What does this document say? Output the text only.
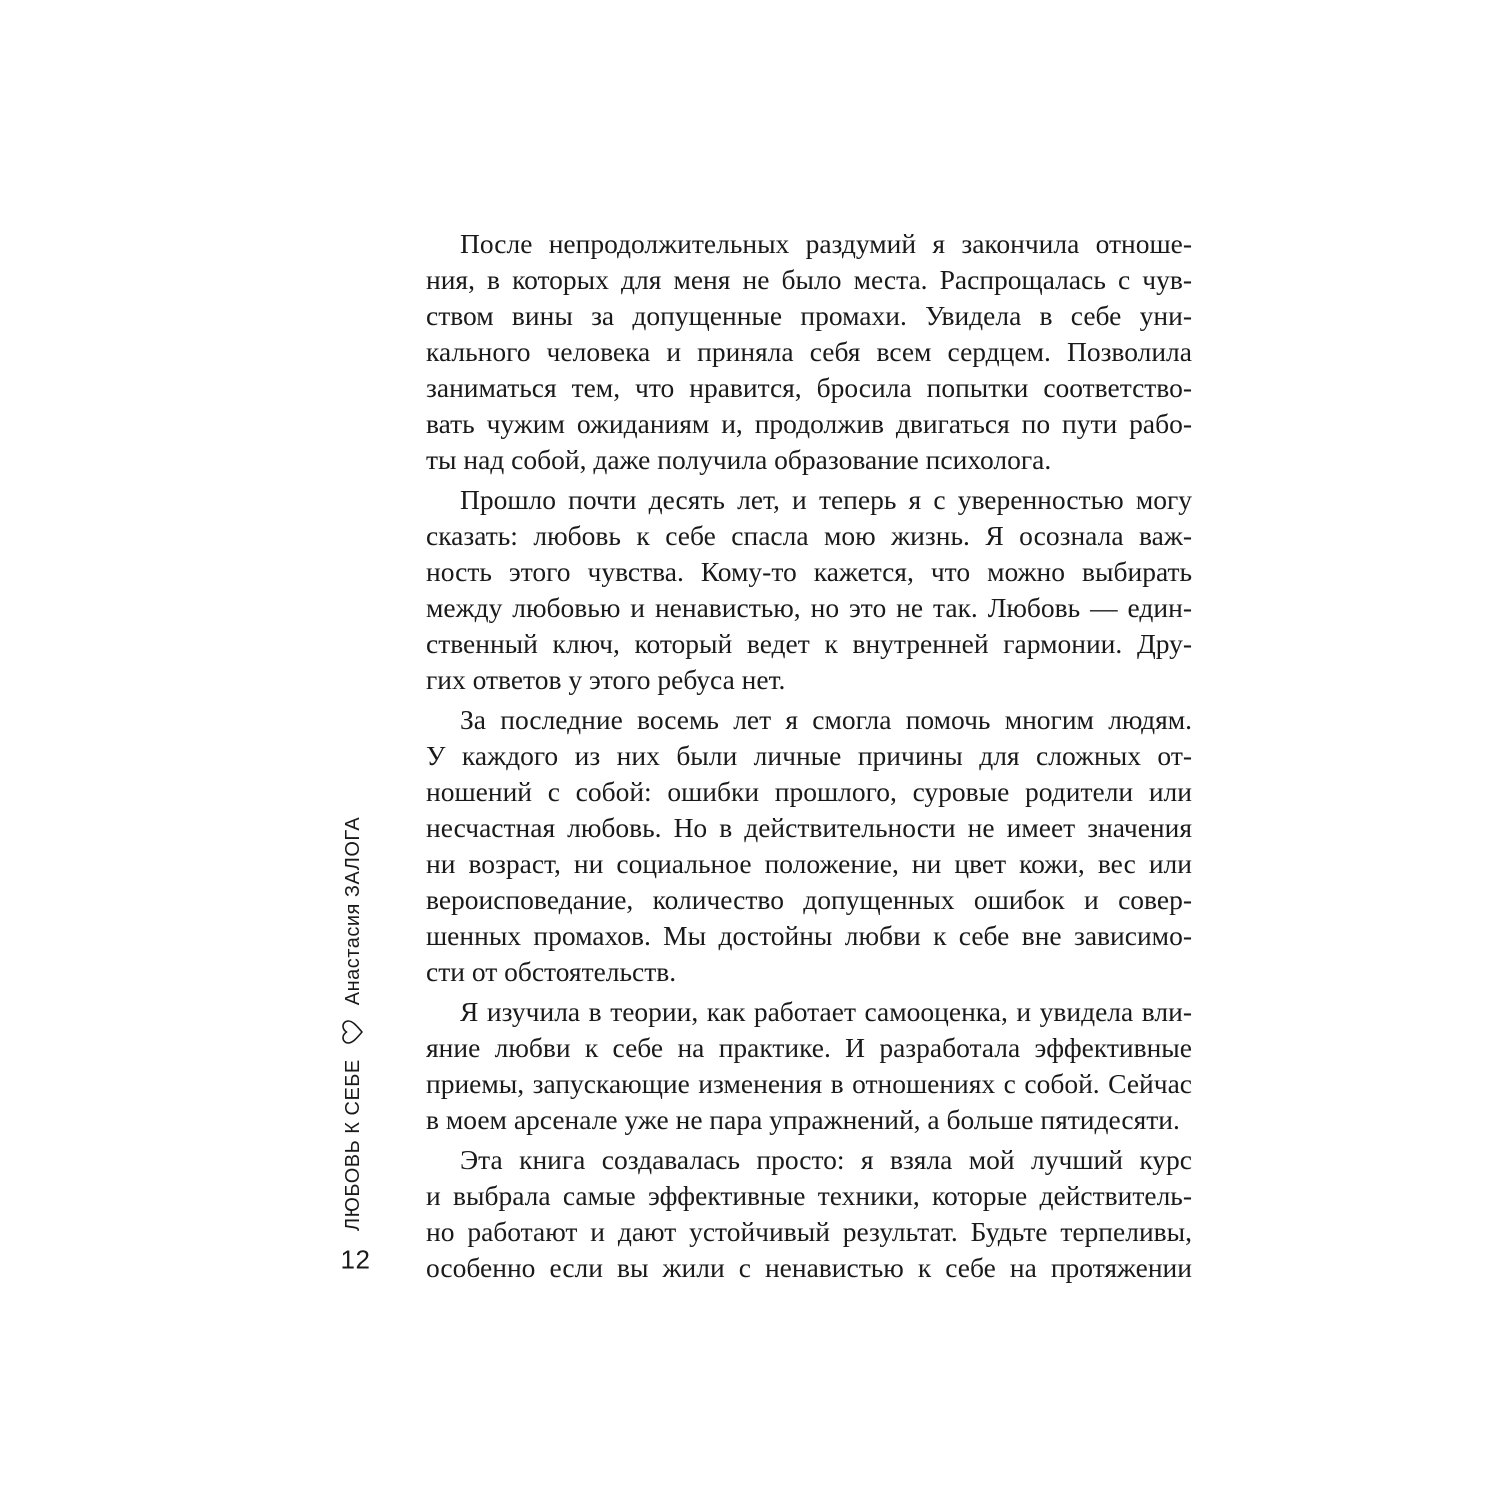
После непродолжительных раздумий я закончила отноше-
ния, в которых для меня не было места. Распрощалась с чув-
ством вины за допущенные промахи. Увидела в себе уни-
кального человека и приняла себя всем сердцем. Позволила
заниматься тем, что нравится, бросила попытки соответство-
вать чужим ожиданиям и, продолжив двигаться по пути рабо-
ты над собой, даже получила образование психолога.
Прошло почти десять лет, и теперь я с уверенностью могу
сказать: любовь к себе спасла мою жизнь. Я осознала важ-
ность этого чувства. Кому-то кажется, что можно выбирать
между любовью и ненавистью, но это не так. Любовь — един-
ственный ключ, который ведет к внутренней гармонии. Дру-
гих ответов у этого ребуса нет.
За последние восемь лет я смогла помочь многим людям.
У каждого из них были личные причины для сложных от-
ношений с собой: ошибки прошлого, суровые родители или
несчастная любовь. Но в действительности не имеет значения
ни возраст, ни социальное положение, ни цвет кожи, вес или
вероисповедание, количество допущенных ошибок и совер-
шенных промахов. Мы достойны любви к себе вне зависимо-
сти от обстоятельств.
Я изучила в теории, как работает самооценка, и увидела вли-
яние любви к себе на практике. И разработала эффективные
приемы, запускающие изменения в отношениях с собой. Сейчас
в моем арсенале уже не пара упражнений, а больше пятидесяти.
Эта книга создавалась просто: я взяла мой лучший курс
и выбрала самые эффективные техники, которые действитель-
но работают и дают устойчивый результат. Будьте терпеливы,
особенно если вы жили с ненавистью к себе на протяжении
12
ЛЮБОВЬ К СЕБЕ
Анастасия ЗАЛОГА
